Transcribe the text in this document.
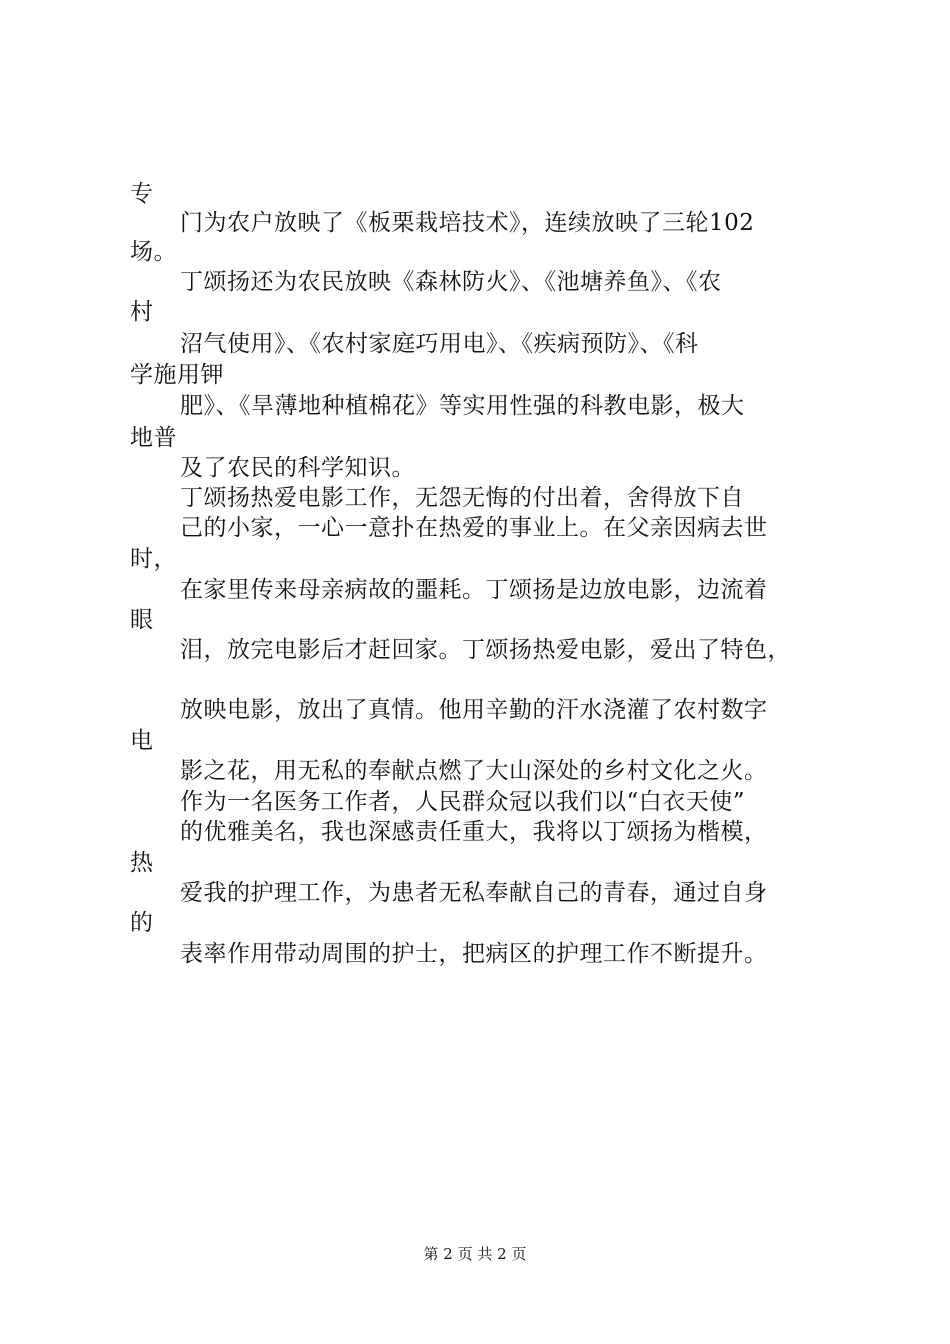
专
门为农户放映了《板栗栽培技术》，连续放映了三轮102
场。
丁颂扬还为农民放映《森林防火》、《池塘养鱼》、《农
村
沼气使用》、《农村家庭巧用电》、《疾病预防》、《科
学施用钾
肥》、《旱薄地种植棉花》等实用性强的科教电影，极大
地普
及了农民的科学知识。
丁颂扬热爱电影工作，无怨无悔的付出着，舍得放下自
己的小家，一心一意扑在热爱的事业上。在父亲因病去世
时，
在家里传来母亲病故的噩耗。丁颂扬是边放电影，边流着
眼
泪，放完电影后才赶回家。丁颂扬热爱电影，爱出了特色，
放映电影，放出了真情。他用辛勤的汗水浇灌了农村数字
电
影之花，用无私的奉献点燃了大山深处的乡村文化之火。
作为一名医务工作者，人民群众冠以我们以“白衣天使”
的优雅美名，我也深感责任重大，我将以丁颂扬为楷模，
热
爱我的护理工作，为患者无私奉献自己的青春，通过自身
的
表率作用带动周围的护士，把病区的护理工作不断提升。
第 2 页 共 2 页
